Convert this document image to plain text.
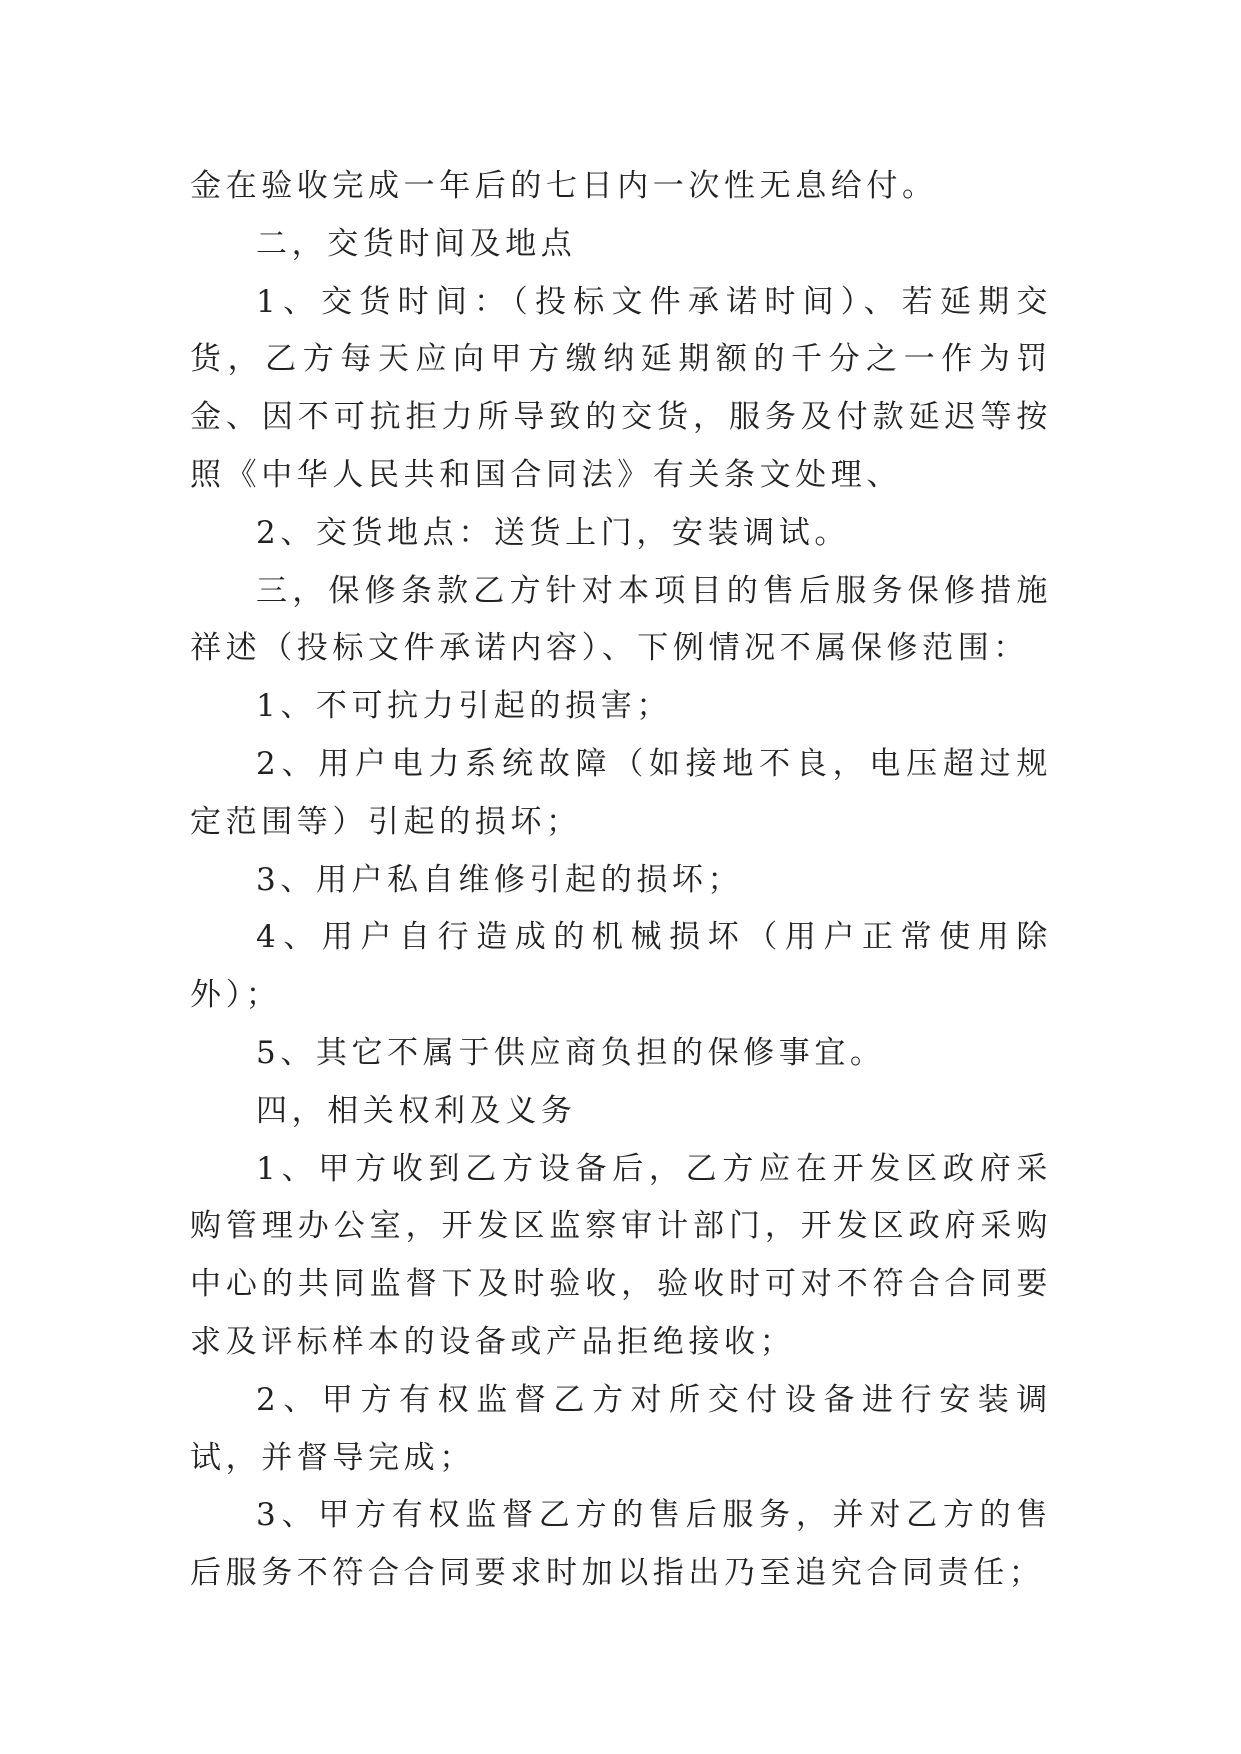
金在验收完成一年后的七日内一次性无息给付。

二，交货时间及地点

1、交货时间：（投标文件承诺时间）、若延期交货，乙方每天应向甲方缴纳延期额的千分之一作为罚金、因不可抗拒力所导致的交货，服务及付款延迟等按照《中华人民共和国合同法》有关条文处理、

2、交货地点：送货上门，安装调试。

三，保修条款乙方针对本项目的售后服务保修措施祥述（投标文件承诺内容）、下例情况不属保修范围：

1、不可抗力引起的损害；

2、用户电力系统故障（如接地不良，电压超过规定范围等）引起的损坏；

3、用户私自维修引起的损坏；

4、用户自行造成的机械损坏（用户正常使用除外）；

5、其它不属于供应商负担的保修事宜。

四，相关权利及义务

1、甲方收到乙方设备后，乙方应在开发区政府采购管理办公室，开发区监察审计部门，开发区政府采购中心的共同监督下及时验收，验收时可对不符合合同要求及评标样本的设备或产品拒绝接收；

2、甲方有权监督乙方对所交付设备进行安装调试，并督导完成；

3、甲方有权监督乙方的售后服务，并对乙方的售后服务不符合合同要求时加以指出乃至追究合同责任；
